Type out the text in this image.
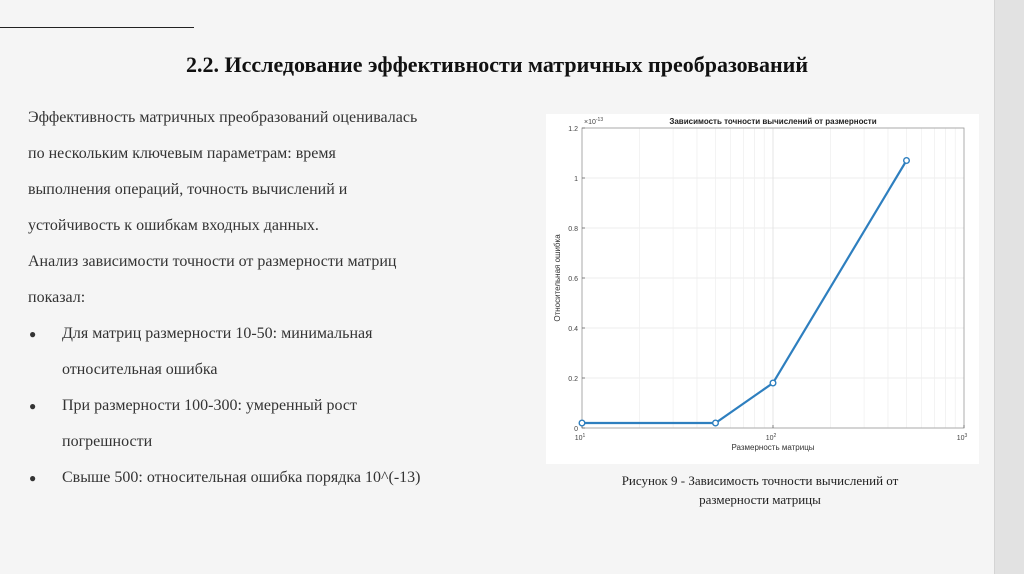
2.2. Исследование эффективности матричных преобразований

Эффективность матричных преобразований оценивалась

по нескольким ключевым параметрам: время

выполнения операций, точность вычислений и

устойчивость к ошибкам входных данных.

Анализ зависимости точности от размерности матриц

показал:

● Для матриц размерности 10-50: минимальная
относительная ошибка
● При размерности 100-300: умеренный рост
погрешности
● Свыше 500: относительная ошибка порядка 10^(-13)
0
0.2
0.4
0.6
0.8
1
1.2
$10^1$	$10^2$	$10^3$
Зависимость точности вычислений от размерности
Размерность матрицы
Относительная ошибка
$\times 10^{-13}$
Рисунок 9 - Зависимость точности вычислений от
размерности матрицы
